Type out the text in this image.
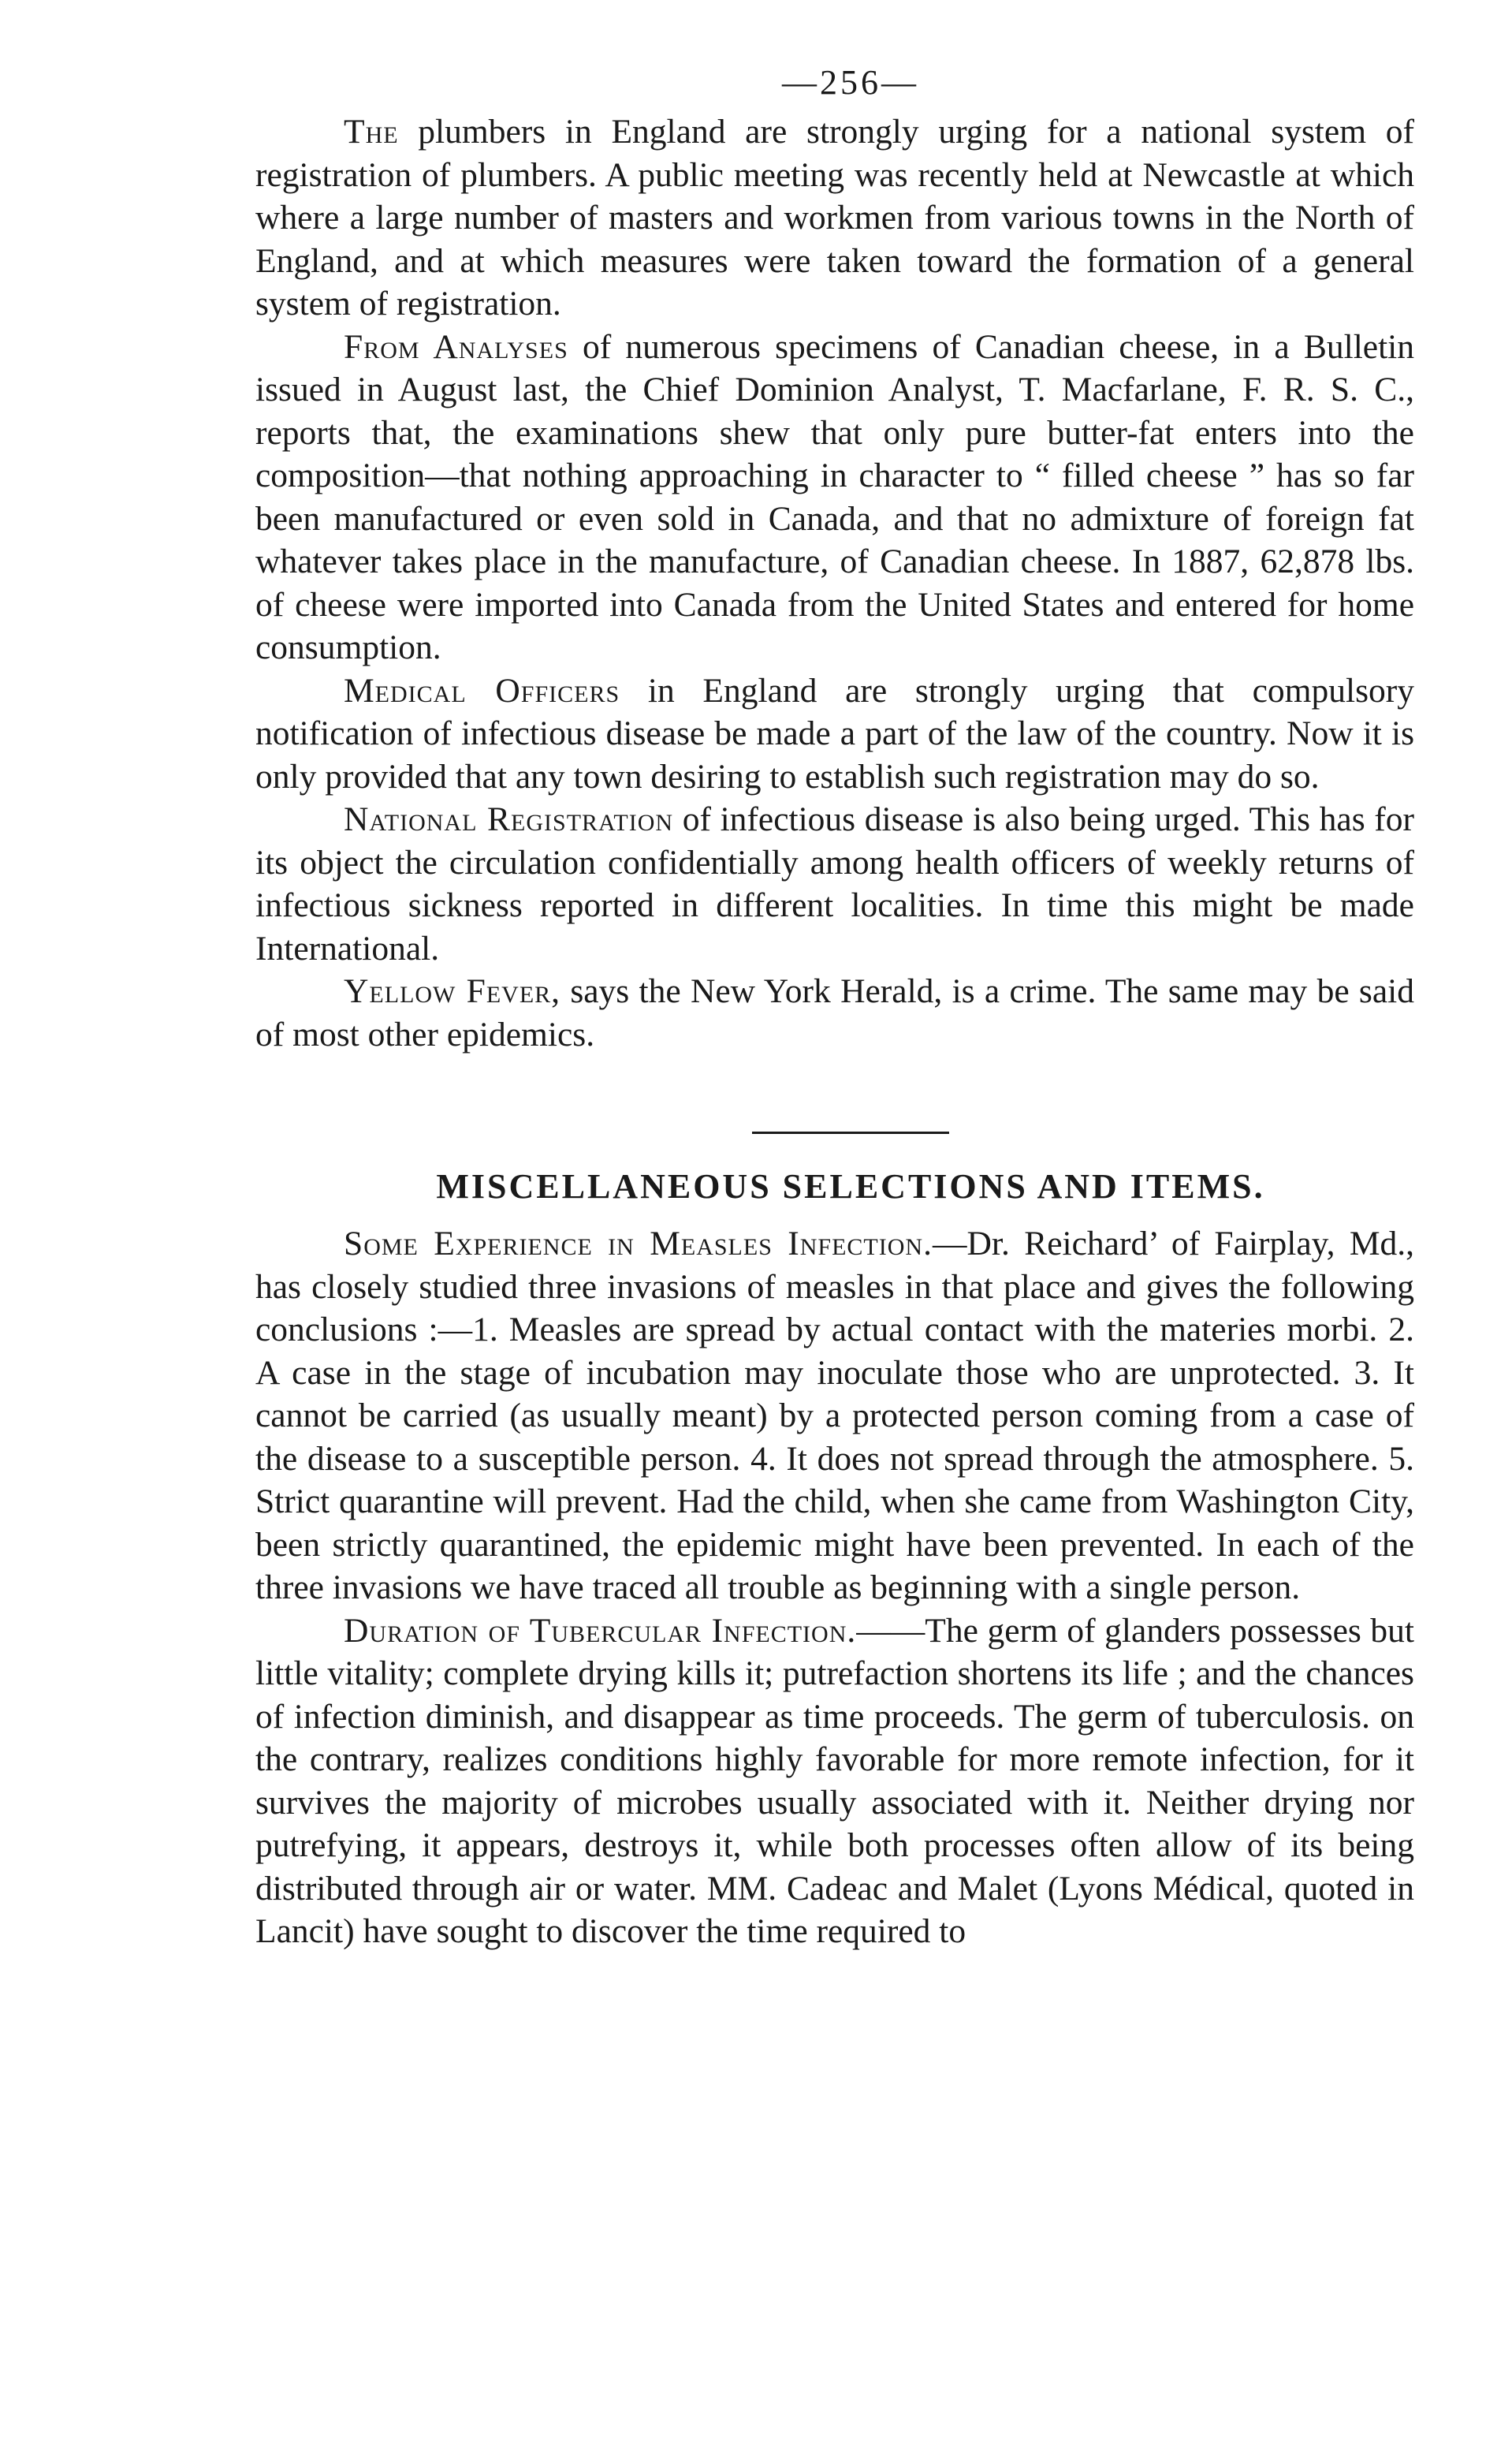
—256—

The plumbers in England are strongly urging for a national system of registration of plumbers. A public meeting was recently held at Newcastle at which where a large number of masters and workmen from various towns in the North of England, and at which measures were taken toward the formation of a general system of registration.

From Analyses of numerous specimens of Canadian cheese, in a Bulletin issued in August last, the Chief Dominion Analyst, T. Macfarlane, F. R. S. C., reports that, the examinations shew that only pure butter-fat enters into the composition—that nothing approaching in character to “ filled cheese ” has so far been manufactured or even sold in Canada, and that no admixture of foreign fat whatever takes place in the manufacture, of Canadian cheese. In 1887, 62,878 lbs. of cheese were imported into Canada from the United States and entered for home consumption.

Medical Officers in England are strongly urging that compulsory notification of infectious disease be made a part of the law of the country. Now it is only provided that any town desiring to establish such registration may do so.

National Registration of infectious disease is also being urged. This has for its object the circulation confidentially among health officers of weekly returns of infectious sickness reported in different localities. In time this might be made International.

Yellow Fever, says the New York Herald, is a crime. The same may be said of most other epidemics.

MISCELLANEOUS SELECTIONS AND ITEMS.

Some Experience in Measles Infection.—Dr. Reichard’ of Fairplay, Md., has closely studied three invasions of measles in that place and gives the following conclusions :—1. Measles are spread by actual contact with the materies morbi. 2. A case in the stage of incubation may inoculate those who are unprotected. 3. It cannot be carried (as usually meant) by a protected person coming from a case of the disease to a susceptible person. 4. It does not spread through the atmosphere. 5. Strict quarantine will prevent. Had the child, when she came from Washington City, been strictly quarantined, the epidemic might have been prevented. In each of the three invasions we have traced all trouble as beginning with a single person.

Duration of Tubercular Infection.——The germ of glanders possesses but little vitality; complete drying kills it; putrefaction shortens its life ; and the chances of infection diminish, and disappear as time proceeds. The germ of tuberculosis. on the contrary, realizes conditions highly favorable for more remote infection, for it survives the majority of microbes usually associated with it. Neither drying nor putrefying, it appears, destroys it, while both processes often allow of its being distributed through air or water. MM. Cadeac and Malet (Lyons Médical, quoted in Lancit) have sought to discover the time required to
